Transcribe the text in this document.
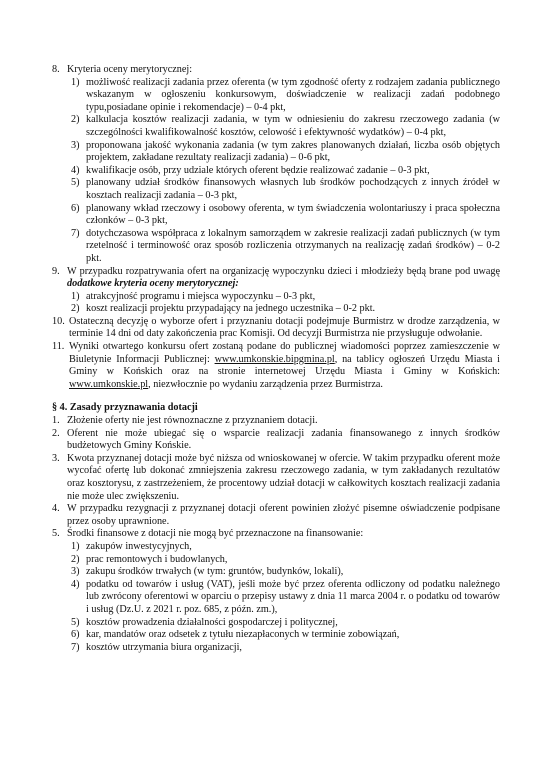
8. Kryteria oceny merytorycznej:
1) możliwość realizacji zadania przez oferenta (w tym zgodność oferty z rodzajem zadania publicznego wskazanym w ogłoszeniu konkursowym, doświadczenie w realizacji zadań podobnego typu,posiadane opinie i rekomendacje) – 0-4 pkt,
2) kalkulacja kosztów realizacji zadania, w tym w odniesieniu do zakresu rzeczowego zadania (w szczególności kwalifikowalność kosztów, celowość i efektywność wydatków) – 0-4 pkt,
3) proponowana jakość wykonania zadania (w tym zakres planowanych działań, liczba osób objętych projektem, zakładane rezultaty realizacji zadania) – 0-6 pkt,
4) kwalifikacje osób, przy udziale których oferent będzie realizować zadanie – 0-3 pkt,
5) planowany udział środków finansowych własnych lub środków pochodzących z innych źródeł w kosztach realizacji zadania – 0-3 pkt,
6) planowany wkład rzeczowy i osobowy oferenta, w tym świadczenia wolontariuszy i praca społeczna członków – 0-3 pkt,
7) dotychczasowa współpraca z lokalnym samorządem w zakresie realizacji zadań publicznych (w tym rzetelność i terminowość oraz sposób rozliczenia otrzymanych na realizację zadań środków) – 0-2 pkt.
9. W przypadku rozpatrywania ofert na organizację wypoczynku dzieci i młodzieży będą brane pod uwagę dodatkowe kryteria oceny merytorycznej:
1) atrakcyjność programu i miejsca wypoczynku – 0-3 pkt,
2) koszt realizacji projektu przypadający na jednego uczestnika – 0-2 pkt.
10. Ostateczną decyzję o wyborze ofert i przyznaniu dotacji podejmuje Burmistrz w drodze zarządzenia, w terminie 14 dni od daty zakończenia prac Komisji. Od decyzji Burmistrza nie przysługuje odwołanie.
11. Wyniki otwartego konkursu ofert zostaną podane do publicznej wiadomości poprzez zamieszczenie w Biuletynie Informacji Publicznej: www.umkonskie.bipgmina.pl, na tablicy ogłoszeń Urzędu Miasta i Gminy w Końskich oraz na stronie internetowej Urzędu Miasta i Gminy w Końskich: www.umkonskie.pl, niezwłocznie po wydaniu zarządzenia przez Burmistrza.
§ 4. Zasady przyznawania dotacji
1. Złożenie oferty nie jest równoznaczne z przyznaniem dotacji.
2. Oferent nie może ubiegać się o wsparcie realizacji zadania finansowanego z innych środków budżetowych Gminy Końskie.
3. Kwota przyznanej dotacji może być niższa od wnioskowanej w ofercie. W takim przypadku oferent może wycofać ofertę lub dokonać zmniejszenia zakresu rzeczowego zadania, w tym zakładanych rezultatów oraz kosztorysu, z zastrzeżeniem, że procentowy udział dotacji w całkowitych kosztach realizacji zadania nie może ulec zwiększeniu.
4. W przypadku rezygnacji z przyznanej dotacji oferent powinien złożyć pisemne oświadczenie podpisane przez osoby uprawnione.
5. Środki finansowe z dotacji nie mogą być przeznaczone na finansowanie:
1) zakupów inwestycyjnych,
2) prac remontowych i budowlanych,
3) zakupu środków trwałych (w tym: gruntów, budynków, lokali),
4) podatku od towarów i usług (VAT), jeśli może być przez oferenta odliczony od podatku należnego lub zwrócony oferentowi w oparciu o przepisy ustawy z dnia 11 marca 2004 r. o podatku od towarów i usług (Dz.U. z 2021 r. poz. 685, z późn. zm.),
5) kosztów prowadzenia działalności gospodarczej i politycznej,
6) kar, mandatów oraz odsetek z tytułu niezapłaconych w terminie zobowiązań,
7) kosztów utrzymania biura organizacji,
